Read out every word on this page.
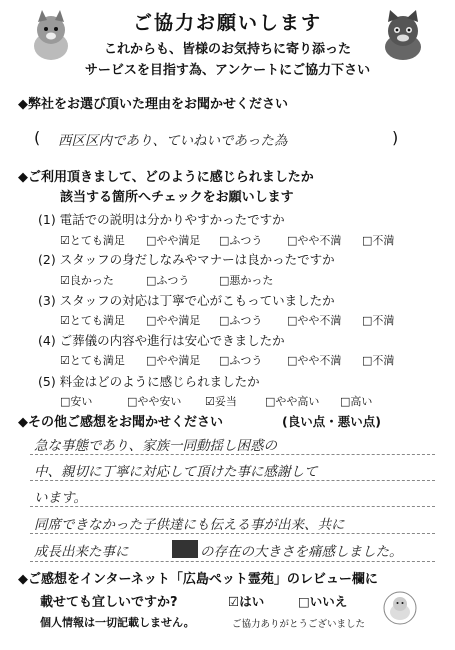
ご協力お願いします
これからも、皆様のお気持ちに寄り添った
サービスを目指す為、アンケートにご協力下さい
◆弊社をお選び頂いた理由をお聞かせください
( 西区区内であり、ていねいであった為	)
◆ご利用頂きまして、どのように感じられましたか
該当する箇所へチェックをお願いします
(1) 電話での説明は分かりやすかったですか
☑とても満足 □やや満足 □ふつう □やや不満 □不満
(2) スタッフの身だしなみやマナーは良かったですか
☑良かった	□ふつう	□悪かった
(3) スタッフの対応は丁寧で心がこもっていましたか
☑とても満足 □やや満足 □ふつう □やや不満 □不満
(4) ご葬儀の内容や進行は安心できましたか
☑とても満足 □やや満足 □ふつう □やや不満 □不満
(5) 料金はどのように感じられましたか
□安い	□やや安い ☑妥当	□やや高い □高い
◆その他ご感想をお聞かせください	(良い点・悪い点)
急な事態であり、家族一同動揺し困惑の
中、親切に丁寧に対応して頂けた事に感謝して
います。
同席できなかった子供達にも伝える事が出来、共に
成長出来た事に	の存在の大きさを痛感しました。
◆ご感想をインターネット「広島ペット霊苑」のレビュー欄に
載せても宜しいですか?	☑はい	□いいえ
個人情報は一切記載しません。	ご協力ありがとうございました
